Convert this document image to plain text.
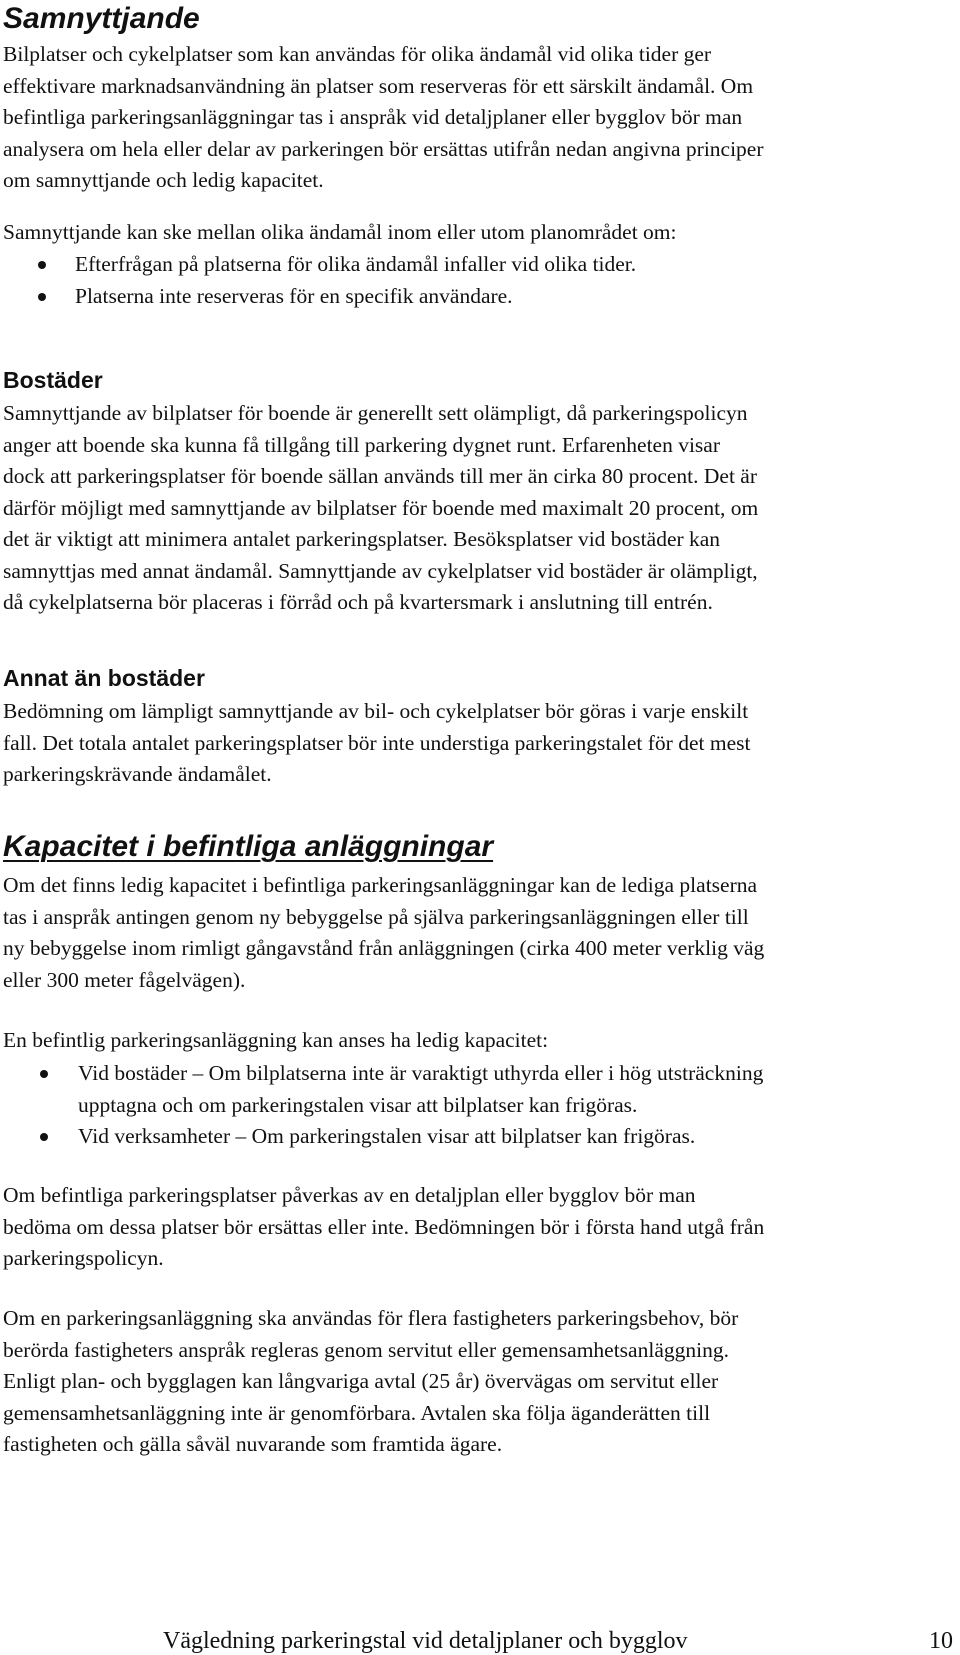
Samnyttjande
Bilplatser och cykelplatser som kan användas för olika ändamål vid olika tider ger
effektivare marknadsanvändning än platser som reserveras för ett särskilt ändamål. Om
befintliga parkeringsanläggningar tas i anspråk vid detaljplaner eller bygglov bör man
analysera om hela eller delar av parkeringen bör ersättas utifrån nedan angivna principer
om samnyttjande och ledig kapacitet.
Samnyttjande kan ske mellan olika ändamål inom eller utom planområdet om:
Efterfrågan på platserna för olika ändamål infaller vid olika tider.
Platserna inte reserveras för en specifik användare.
Bostäder
Samnyttjande av bilplatser för boende är generellt sett olämpligt, då parkeringspolicyn
anger att boende ska kunna få tillgång till parkering dygnet runt. Erfarenheten visar
dock att parkeringsplatser för boende sällan används till mer än cirka 80 procent. Det är
därför möjligt med samnyttjande av bilplatser för boende med maximalt 20 procent, om
det är viktigt att minimera antalet parkeringsplatser. Besöksplatser vid bostäder kan
samnyttjas med annat ändamål. Samnyttjande av cykelplatser vid bostäder är olämpligt,
då cykelplatserna bör placeras i förråd och på kvartersmark i anslutning till entrén.
Annat än bostäder
Bedömning om lämpligt samnyttjande av bil- och cykelplatser bör göras i varje enskilt
fall. Det totala antalet parkeringsplatser bör inte understiga parkeringstalet för det mest
parkeringskrävande ändamålet.
Kapacitet i befintliga anläggningar
Om det finns ledig kapacitet i befintliga parkeringsanläggningar kan de lediga platserna
tas i anspråk antingen genom ny bebyggelse på själva parkeringsanläggningen eller till
ny bebyggelse inom rimligt gångavstånd från anläggningen (cirka 400 meter verklig väg
eller 300 meter fågelvägen).
En befintlig parkeringsanläggning kan anses ha ledig kapacitet:
Vid bostäder – Om bilplatserna inte är varaktigt uthyrda eller i hög utsträckning
upptagna och om parkeringstalen visar att bilplatser kan frigöras.
Vid verksamheter – Om parkeringstalen visar att bilplatser kan frigöras.
Om befintliga parkeringsplatser påverkas av en detaljplan eller bygglov bör man
bedöma om dessa platser bör ersättas eller inte. Bedömningen bör i första hand utgå från
parkeringspolicyn.
Om en parkeringsanläggning ska användas för flera fastigheters parkeringsbehov, bör
berörda fastigheters anspråk regleras genom servitut eller gemensamhetsanläggning.
Enligt plan- och bygglagen kan långvariga avtal (25 år) övervägas om servitut eller
gemensamhetsanläggning inte är genomförbara. Avtalen ska följa äganderätten till
fastigheten och gälla såväl nuvarande som framtida ägare.
Vägledning parkeringstal vid detaljplaner och bygglov	10
